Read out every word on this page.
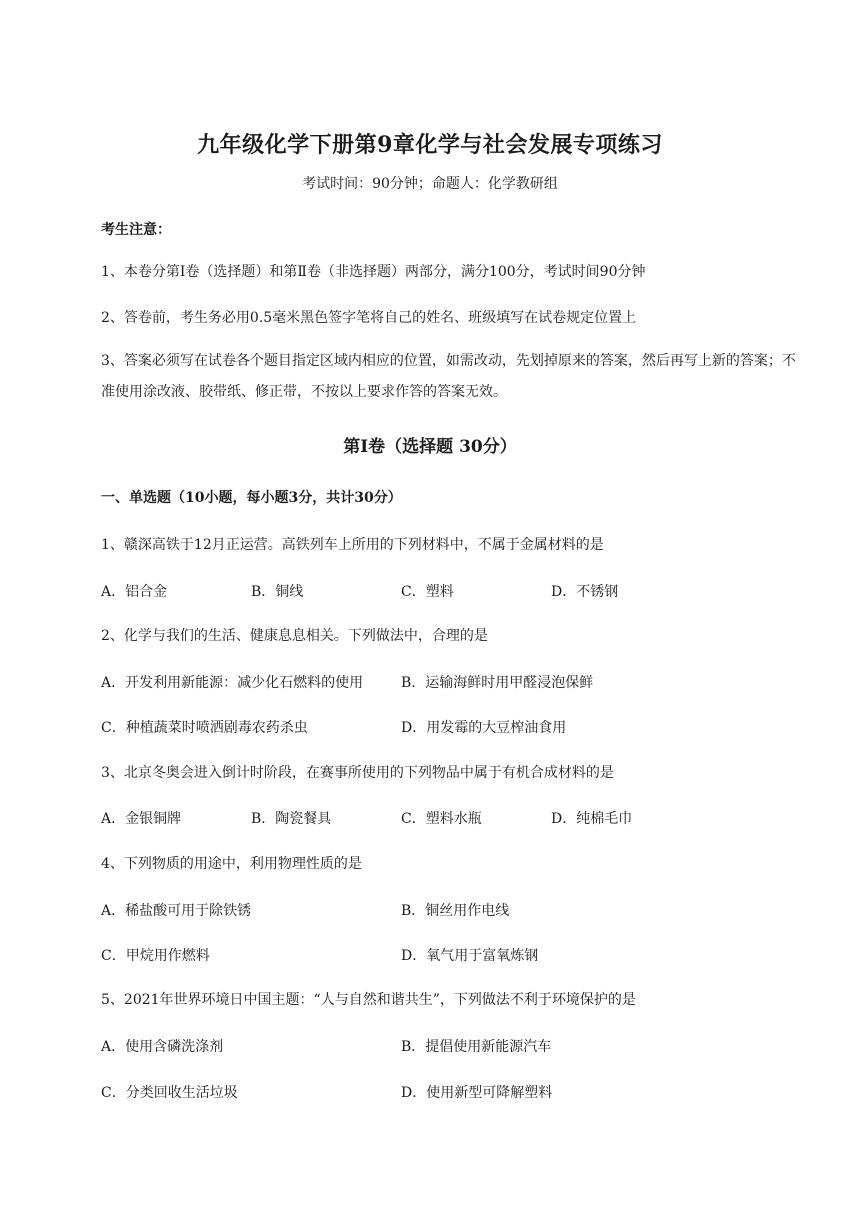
九年级化学下册第9章化学与社会发展专项练习
考试时间：90分钟；命题人：化学教研组
考生注意：
1、本卷分第Ⅰ卷（选择题）和第Ⅱ卷（非选择题）两部分，满分100分，考试时间90分钟
2、答卷前，考生务必用0.5毫米黑色签字笔将自己的姓名、班级填写在试卷规定位置上
3、答案必须写在试卷各个题目指定区域内相应的位置，如需改动，先划掉原来的答案，然后再写上新的答案；不准使用涂改液、胶带纸、修正带，不按以上要求作答的答案无效。
第Ⅰ卷（选择题 30分）
一、单选题（10小题，每小题3分，共计30分）
1、赣深高铁于12月正运营。高铁列车上所用的下列材料中，不属于金属材料的是
A．铝合金	B．铜线	C．塑料	D．不锈钢
2、化学与我们的生活、健康息息相关。下列做法中，合理的是
A．开发利用新能源：减少化石燃料的使用	B．运输海鲜时用甲醛浸泡保鲜
C．种植蔬菜时喷洒剧毒农药杀虫	D．用发霉的大豆榨油食用
3、北京冬奥会进入倒计时阶段，在赛事所使用的下列物品中属于有机合成材料的是
A．金银铜牌	B．陶瓷餐具	C．塑料水瓶	D．纯棉毛巾
4、下列物质的用途中，利用物理性质的是
A．稀盐酸可用于除铁锈	B．铜丝用作电线
C．甲烷用作燃料	D．氧气用于富氧炼钢
5、2021年世界环境日中国主题：“人与自然和谐共生”，下列做法不利于环境保护的是
A．使用含磷洗涤剂	B．提倡使用新能源汽车
C．分类回收生活垃圾	D．使用新型可降解塑料
